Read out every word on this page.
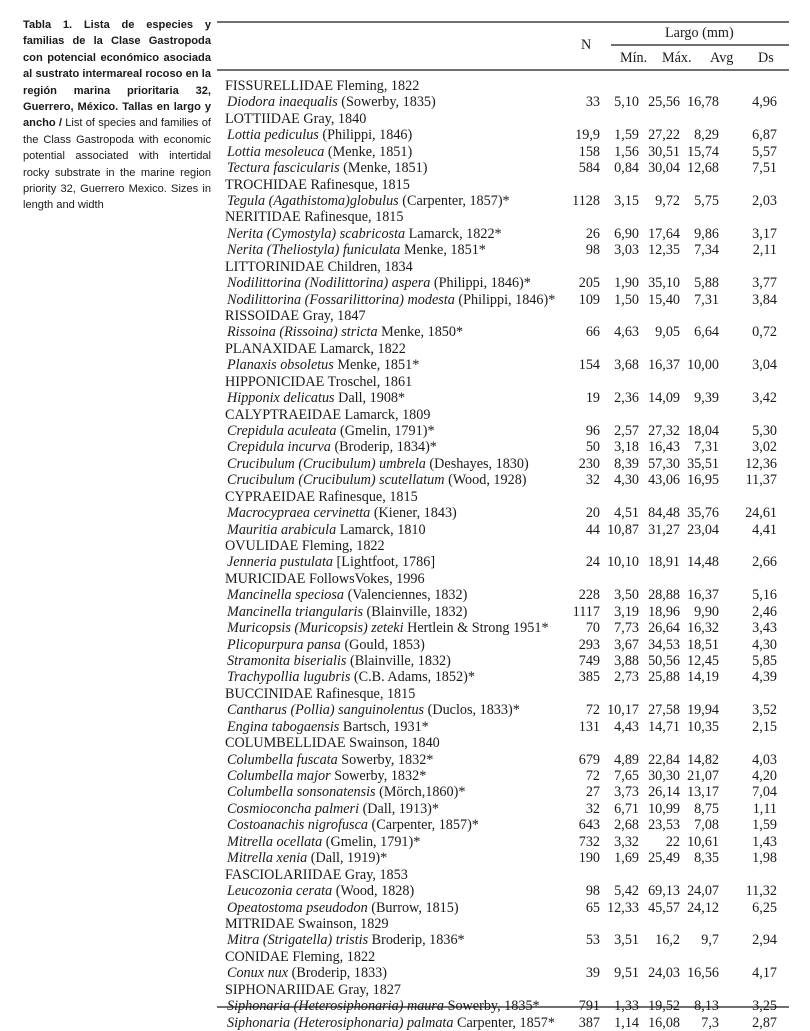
Tabla 1. Lista de especies y familias de la Clase Gastropoda con potencial económico asociada al sustrato intermareal rocoso en la región marina prioritaria 32, Guerrero, México. Tallas en largo y ancho / List of species and families of the Class Gastropoda with economic potential associated with intertidal rocky substrate in the marine region priority 32, Guerrero Mexico. Sizes in length and width
N
Largo (mm)
Mín. Máx. Avg Ds
FISSURELLIDAE Fleming, 1822
Diodora inaequalis (Sowerby, 1835)	33 5,10 25,56 16,78	4,96
LOTTIIDAE Gray, 1840
Lottia pediculus (Philippi, 1846)	19,9 1,59 27,22 8,29	6,87
Lottia mesoleuca (Menke, 1851)	158 1,56 30,51 15,74	5,57
Tectura fascicularis (Menke, 1851)	584 0,84 30,04 12,68	7,51
TROCHIDAE Rafinesque, 1815
Tegula (Agathistoma)globulus (Carpenter, 1857)*	1128 3,15	9,72 5,75	2,03
NERITIDAE Rafinesque, 1815
Nerita (Cymostyla) scabricosta Lamarck, 1822*	26 6,90 17,64 9,86	3,17
Nerita (Theliostyla) funiculata Menke, 1851*	98 3,03 12,35 7,34	2,11
LITTORINIDAE Children, 1834
Nodilittorina (Nodilittorina) aspera (Philippi, 1846)*	205 1,90 35,10 5,88	3,77
Nodilittorina (Fossarilittorina) modesta (Philippi, 1846)*	109 1,50 15,40 7,31	3,84
RISSOIDAE Gray, 1847
Rissoina (Rissoina) stricta Menke, 1850*	66 4,63	9,05 6,64	0,72
PLANAXIDAE Lamarck, 1822
Planaxis obsoletus Menke, 1851*	154 3,68 16,37 10,00	3,04
HIPPONICIDAE Troschel, 1861
Hipponix delicatus Dall, 1908*	19 2,36 14,09 9,39	3,42
CALYPTRAEIDAE Lamarck, 1809
Crepidula aculeata (Gmelin, 1791)*	96 2,57 27,32 18,04	5,30
Crepidula incurva (Broderip, 1834)*	50 3,18 16,43 7,31	3,02
Crucibulum (Crucibulum) umbrela (Deshayes, 1830)	230 8,39 57,30 35,51	12,36
Crucibulum (Crucibulum) scutellatum (Wood, 1928)	32 4,30 43,06 16,95	11,37
CYPRAEIDAE Rafinesque, 1815
Macrocypraea cervinetta (Kiener, 1843)	20 4,51 84,48 35,76	24,61
Mauritia arabicula Lamarck, 1810	44 10,87 31,27 23,04	4,41
OVULIDAE Fleming, 1822
Jenneria pustulata [Lightfoot, 1786]	24 10,10 18,91 14,48	2,66
MURICIDAE FollowsVokes, 1996
Mancinella speciosa (Valenciennes, 1832)	228 3,50 28,88 16,37	5,16
Mancinella triangularis (Blainville, 1832)	1117 3,19 18,96 9,90	2,46
Muricopsis (Muricopsis) zeteki Hertlein & Strong 1951*	70 7,73 26,64 16,32	3,43
Plicopurpura pansa (Gould, 1853)	293 3,67 34,53 18,51	4,30
Stramonita biserialis (Blainville, 1832)	749 3,88 50,56 12,45	5,85
Trachypollia lugubris (C.B. Adams, 1852)*	385 2,73 25,88 14,19	4,39
BUCCINIDAE Rafinesque, 1815
Cantharus (Pollia) sanguinolentus (Duclos, 1833)*	72 10,17 27,58 19,94	3,52
Engina tabogaensis Bartsch, 1931*	131 4,43 14,71 10,35	2,15
COLUMBELLIDAE Swainson, 1840
Columbella fuscata Sowerby, 1832*	679 4,89 22,84 14,82	4,03
Columbella major Sowerby, 1832*	72 7,65 30,30 21,07	4,20
Columbella sonsonatensis (Mörch,1860)*	27 3,73 26,14 13,17	7,04
Cosmioconcha palmeri (Dall, 1913)*	32 6,71 10,99 8,75	1,11
Costoanachis nigrofusca (Carpenter, 1857)*	643 2,68 23,53 7,08	1,59
Mitrella ocellata (Gmelin, 1791)*	732 3,32	22 10,61	1,43
Mitrella xenia (Dall, 1919)*	190 1,69 25,49 8,35	1,98
FASCIOLARIIDAE Gray, 1853
Leucozonia cerata (Wood, 1828)	98 5,42 69,13 24,07	11,32
Opeatostoma pseudodon (Burrow, 1815)	65 12,33 45,57 24,12	6,25
MITRIDAE Swainson, 1829
Mitra (Strigatella) tristis Broderip, 1836*	53 3,51	16,2	9,7	2,94
CONIDAE Fleming, 1822
Conux nux (Broderip, 1833)	39 9,51 24,03 16,56	4,17
SIPHONARIIDAE Gray, 1827
Siphonaria (Heterosiphonaria) maura Sowerby, 1835*	791 1,33 19,52 8,13	3,25
Siphonaria (Heterosiphonaria) palmata Carpenter, 1857*	387 1,14 16,08	7,3	2,87
